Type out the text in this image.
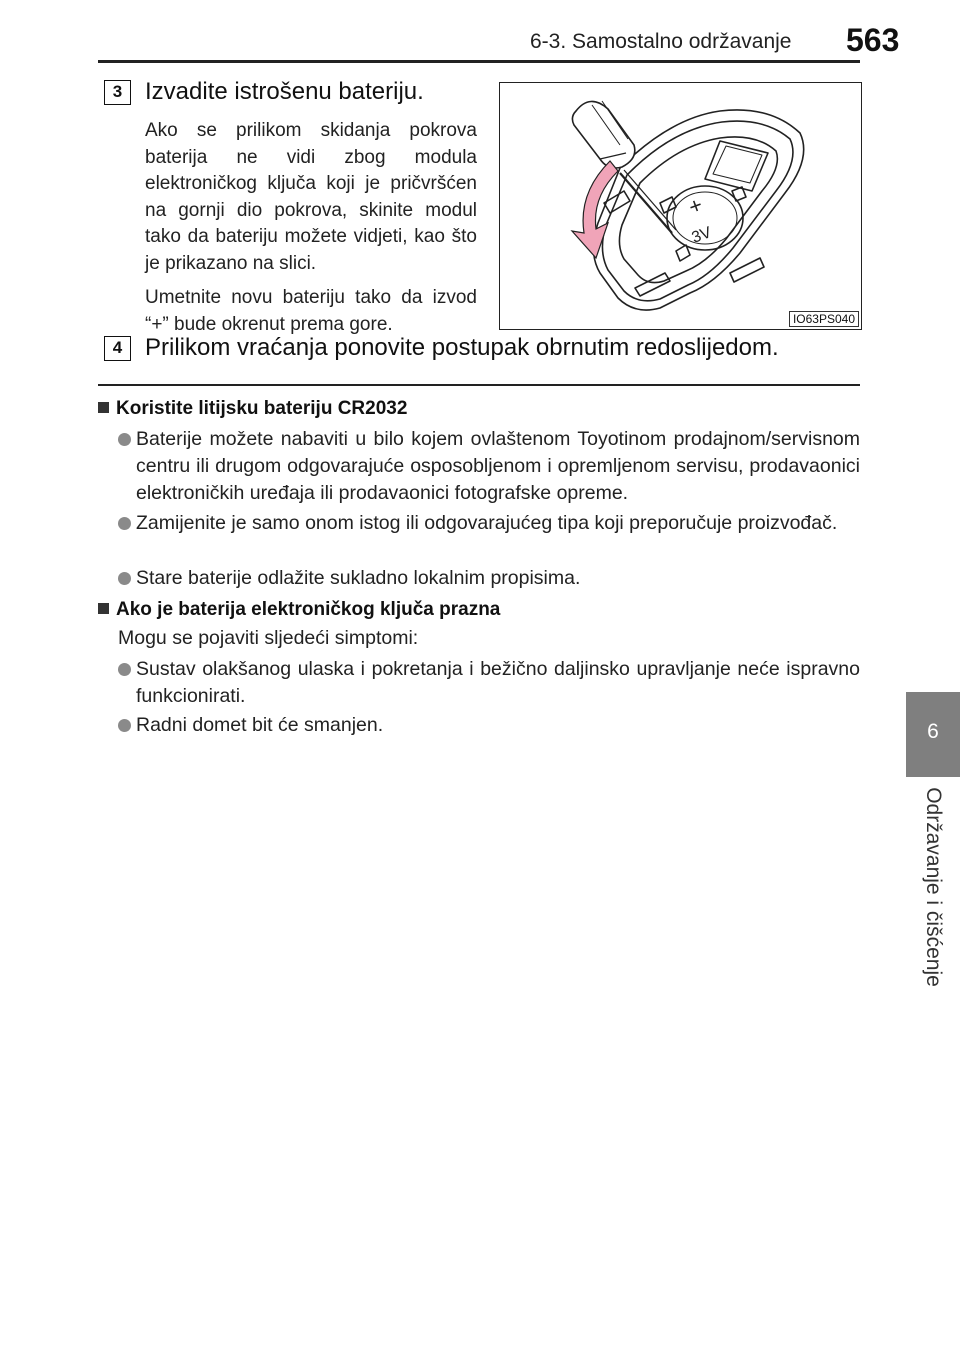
6-3. Samostalno održavanje 563
6
Održavanje i čišćenje
3 Izvadite istrošenu bateriju.

Ako se prilikom skidanja pokrova baterija ne vidi zbog modula elektroničkog ključa koji je pričvršćen na gornji dio pokrova, skinite modul tako da bateriju možete vidjeti, kao što je prikazano na slici.

Umetnite novu bateriju tako da izvod “+” bude okrenut prema gore.

+
3V
IO63PS040
4 Prilikom vraćanja ponovite postupak obrnutim redoslijedom.
Koristite litijsku bateriju CR2032
Baterije možete nabaviti u bilo kojem ovlaštenom Toyotinom prodajnom/servisnom centru ili drugom odgovarajuće osposobljenom i opremljenom servisu, prodavaonici elektroničkih uređaja ili prodavaonici fotografske opreme.
Zamijenite je samo onom istog ili odgovarajućeg tipa koji preporučuje proizvođač.
Stare baterije odlažite sukladno lokalnim propisima.
Ako je baterija elektroničkog ključa prazna
Mogu se pojaviti sljedeći simptomi:
Sustav olakšanog ulaska i pokretanja i bežično daljinsko upravljanje neće ispravno funkcionirati.
Radni domet bit će smanjen.
